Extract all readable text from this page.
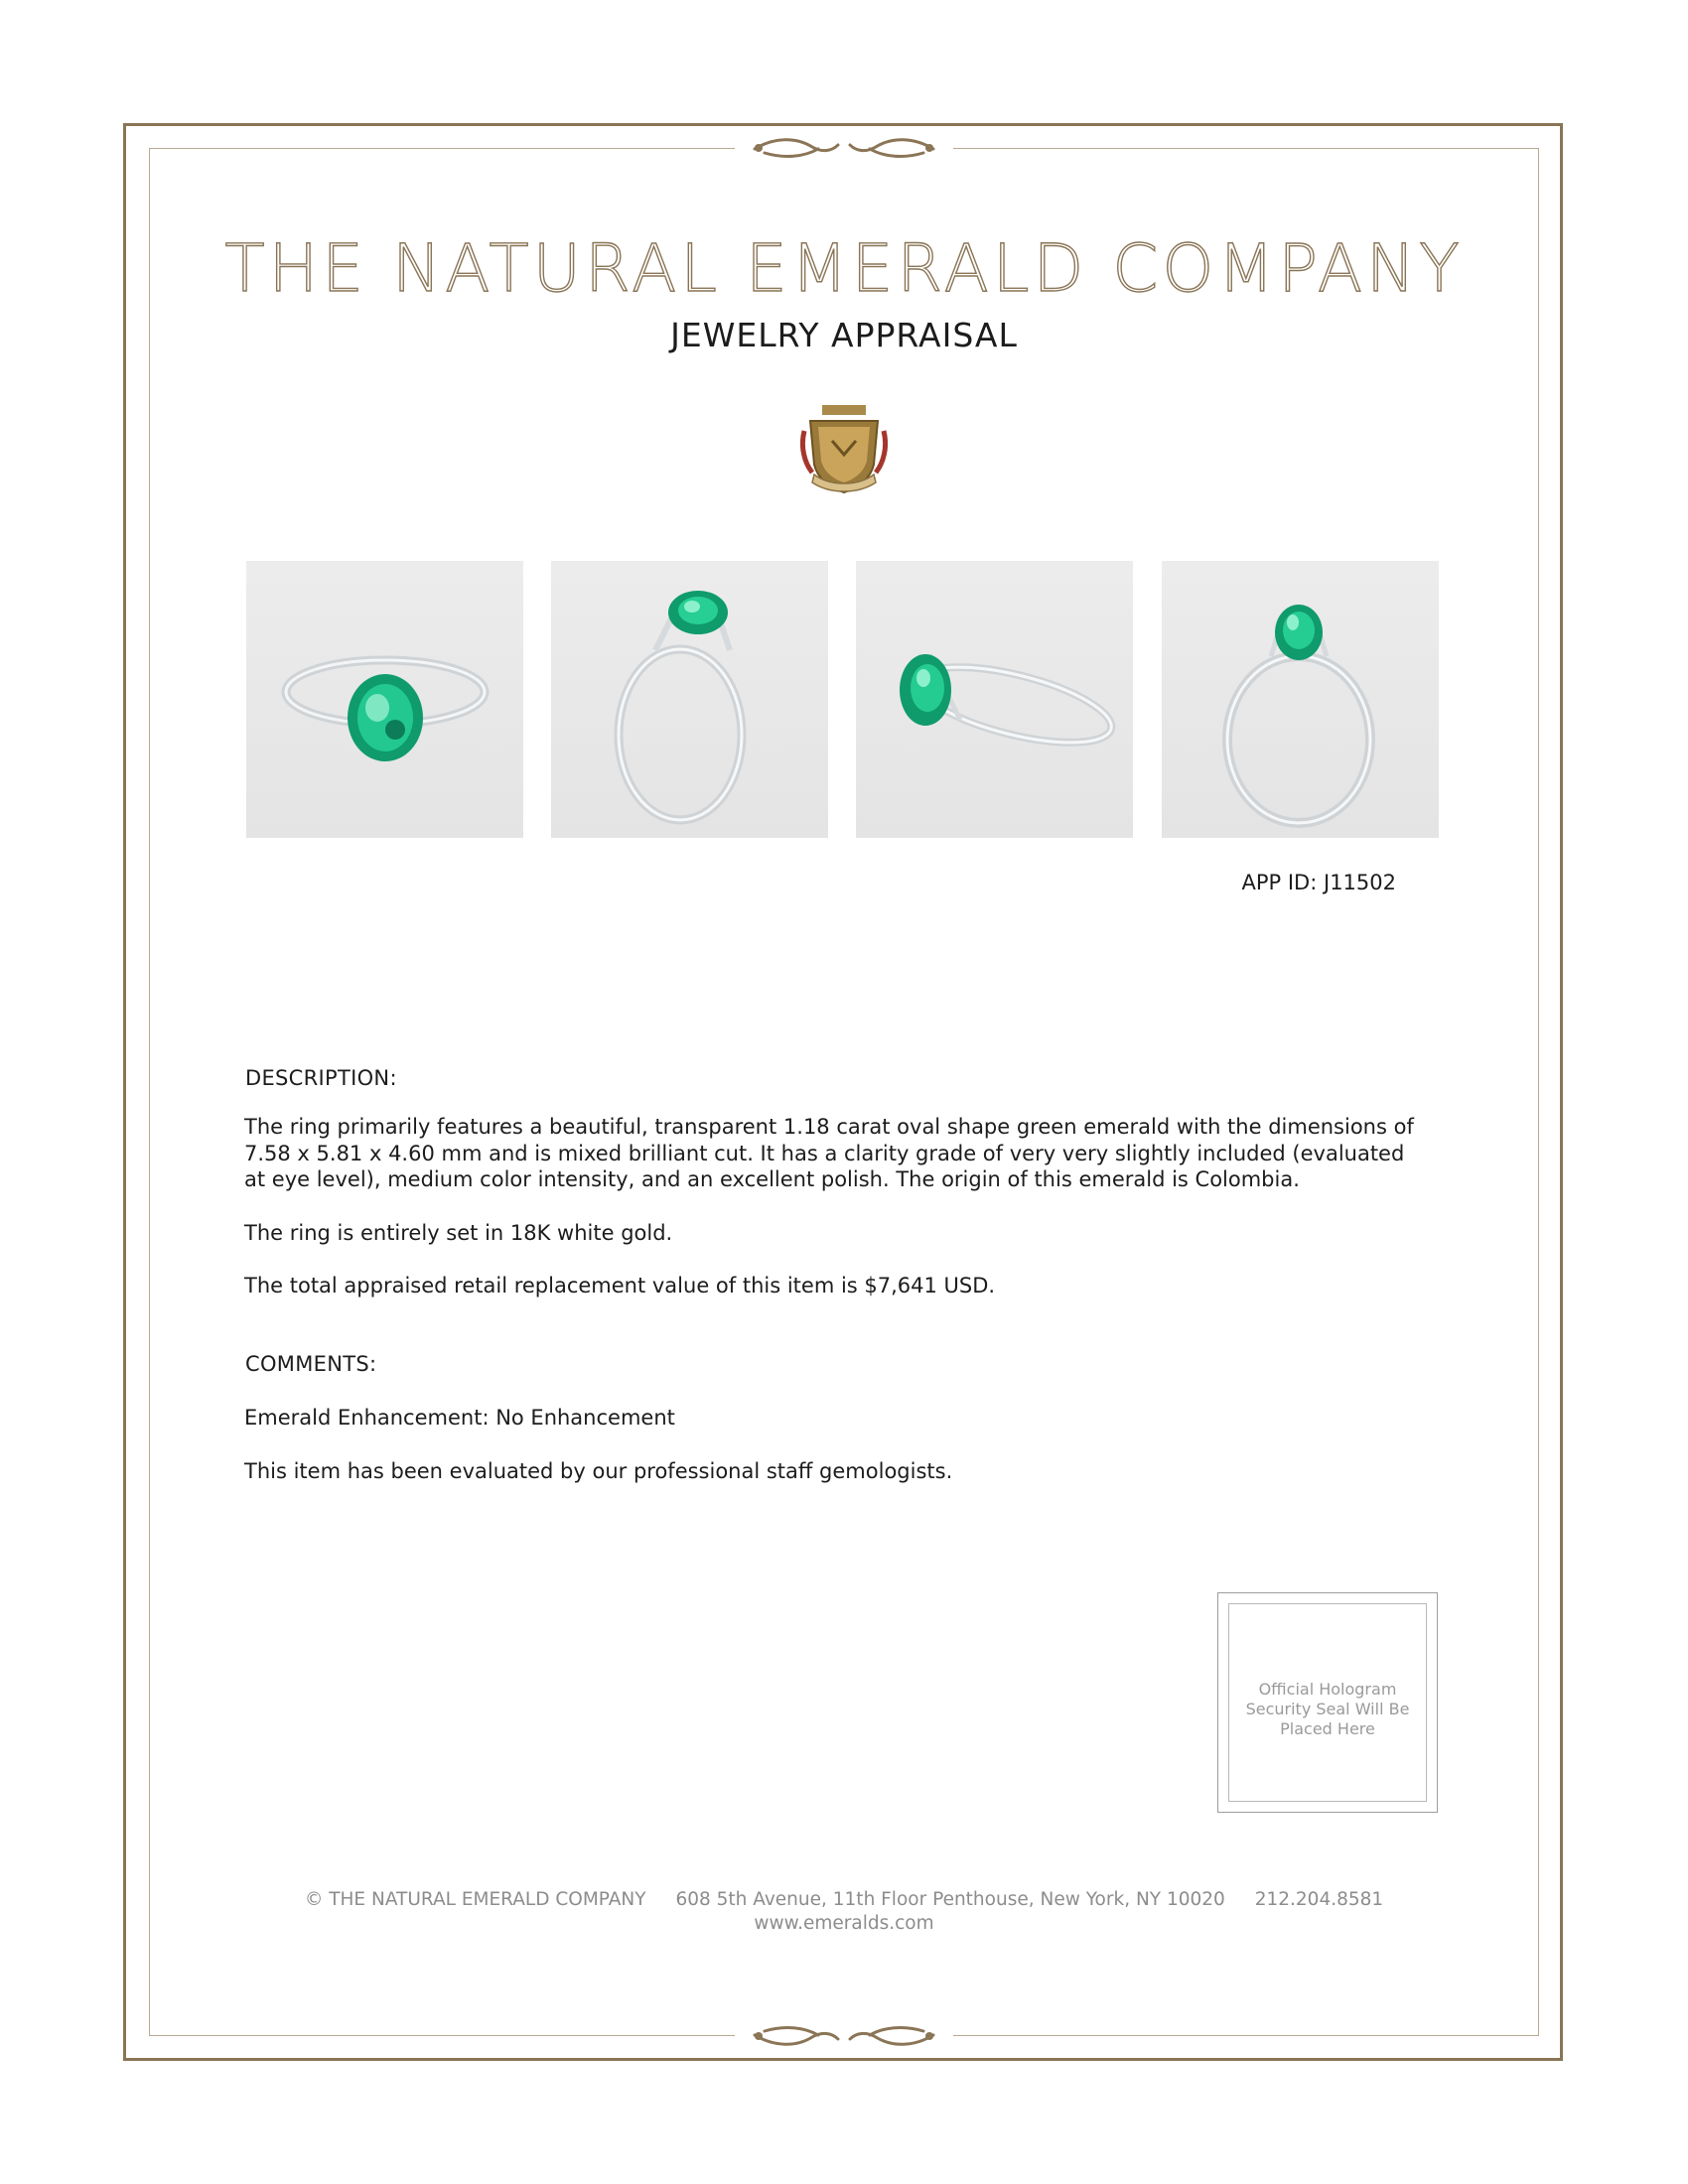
THE NATURAL EMERALD COMPANY
JEWELRY APPRAISAL
APP ID: J11502
DESCRIPTION:
The ring primarily features a beautiful, transparent 1.18 carat oval shape green emerald with the dimensions of 7.58 x 5.81 x 4.60 mm and is mixed brilliant cut. It has a clarity grade of very very slightly included (evaluated at eye level), medium color intensity, and an excellent polish. The origin of this emerald is Colombia.
The ring is entirely set in 18K white gold.
The total appraised retail replacement value of this item is $7,641 USD.
COMMENTS:
Emerald Enhancement: No Enhancement
This item has been evaluated by our professional staff gemologists.
Official Hologram Security Seal Will Be Placed Here
© THE NATURAL EMERALD COMPANY 608 5th Avenue, 11th Floor Penthouse, New York, NY 10020 212.204.8581
www.emeralds.com
